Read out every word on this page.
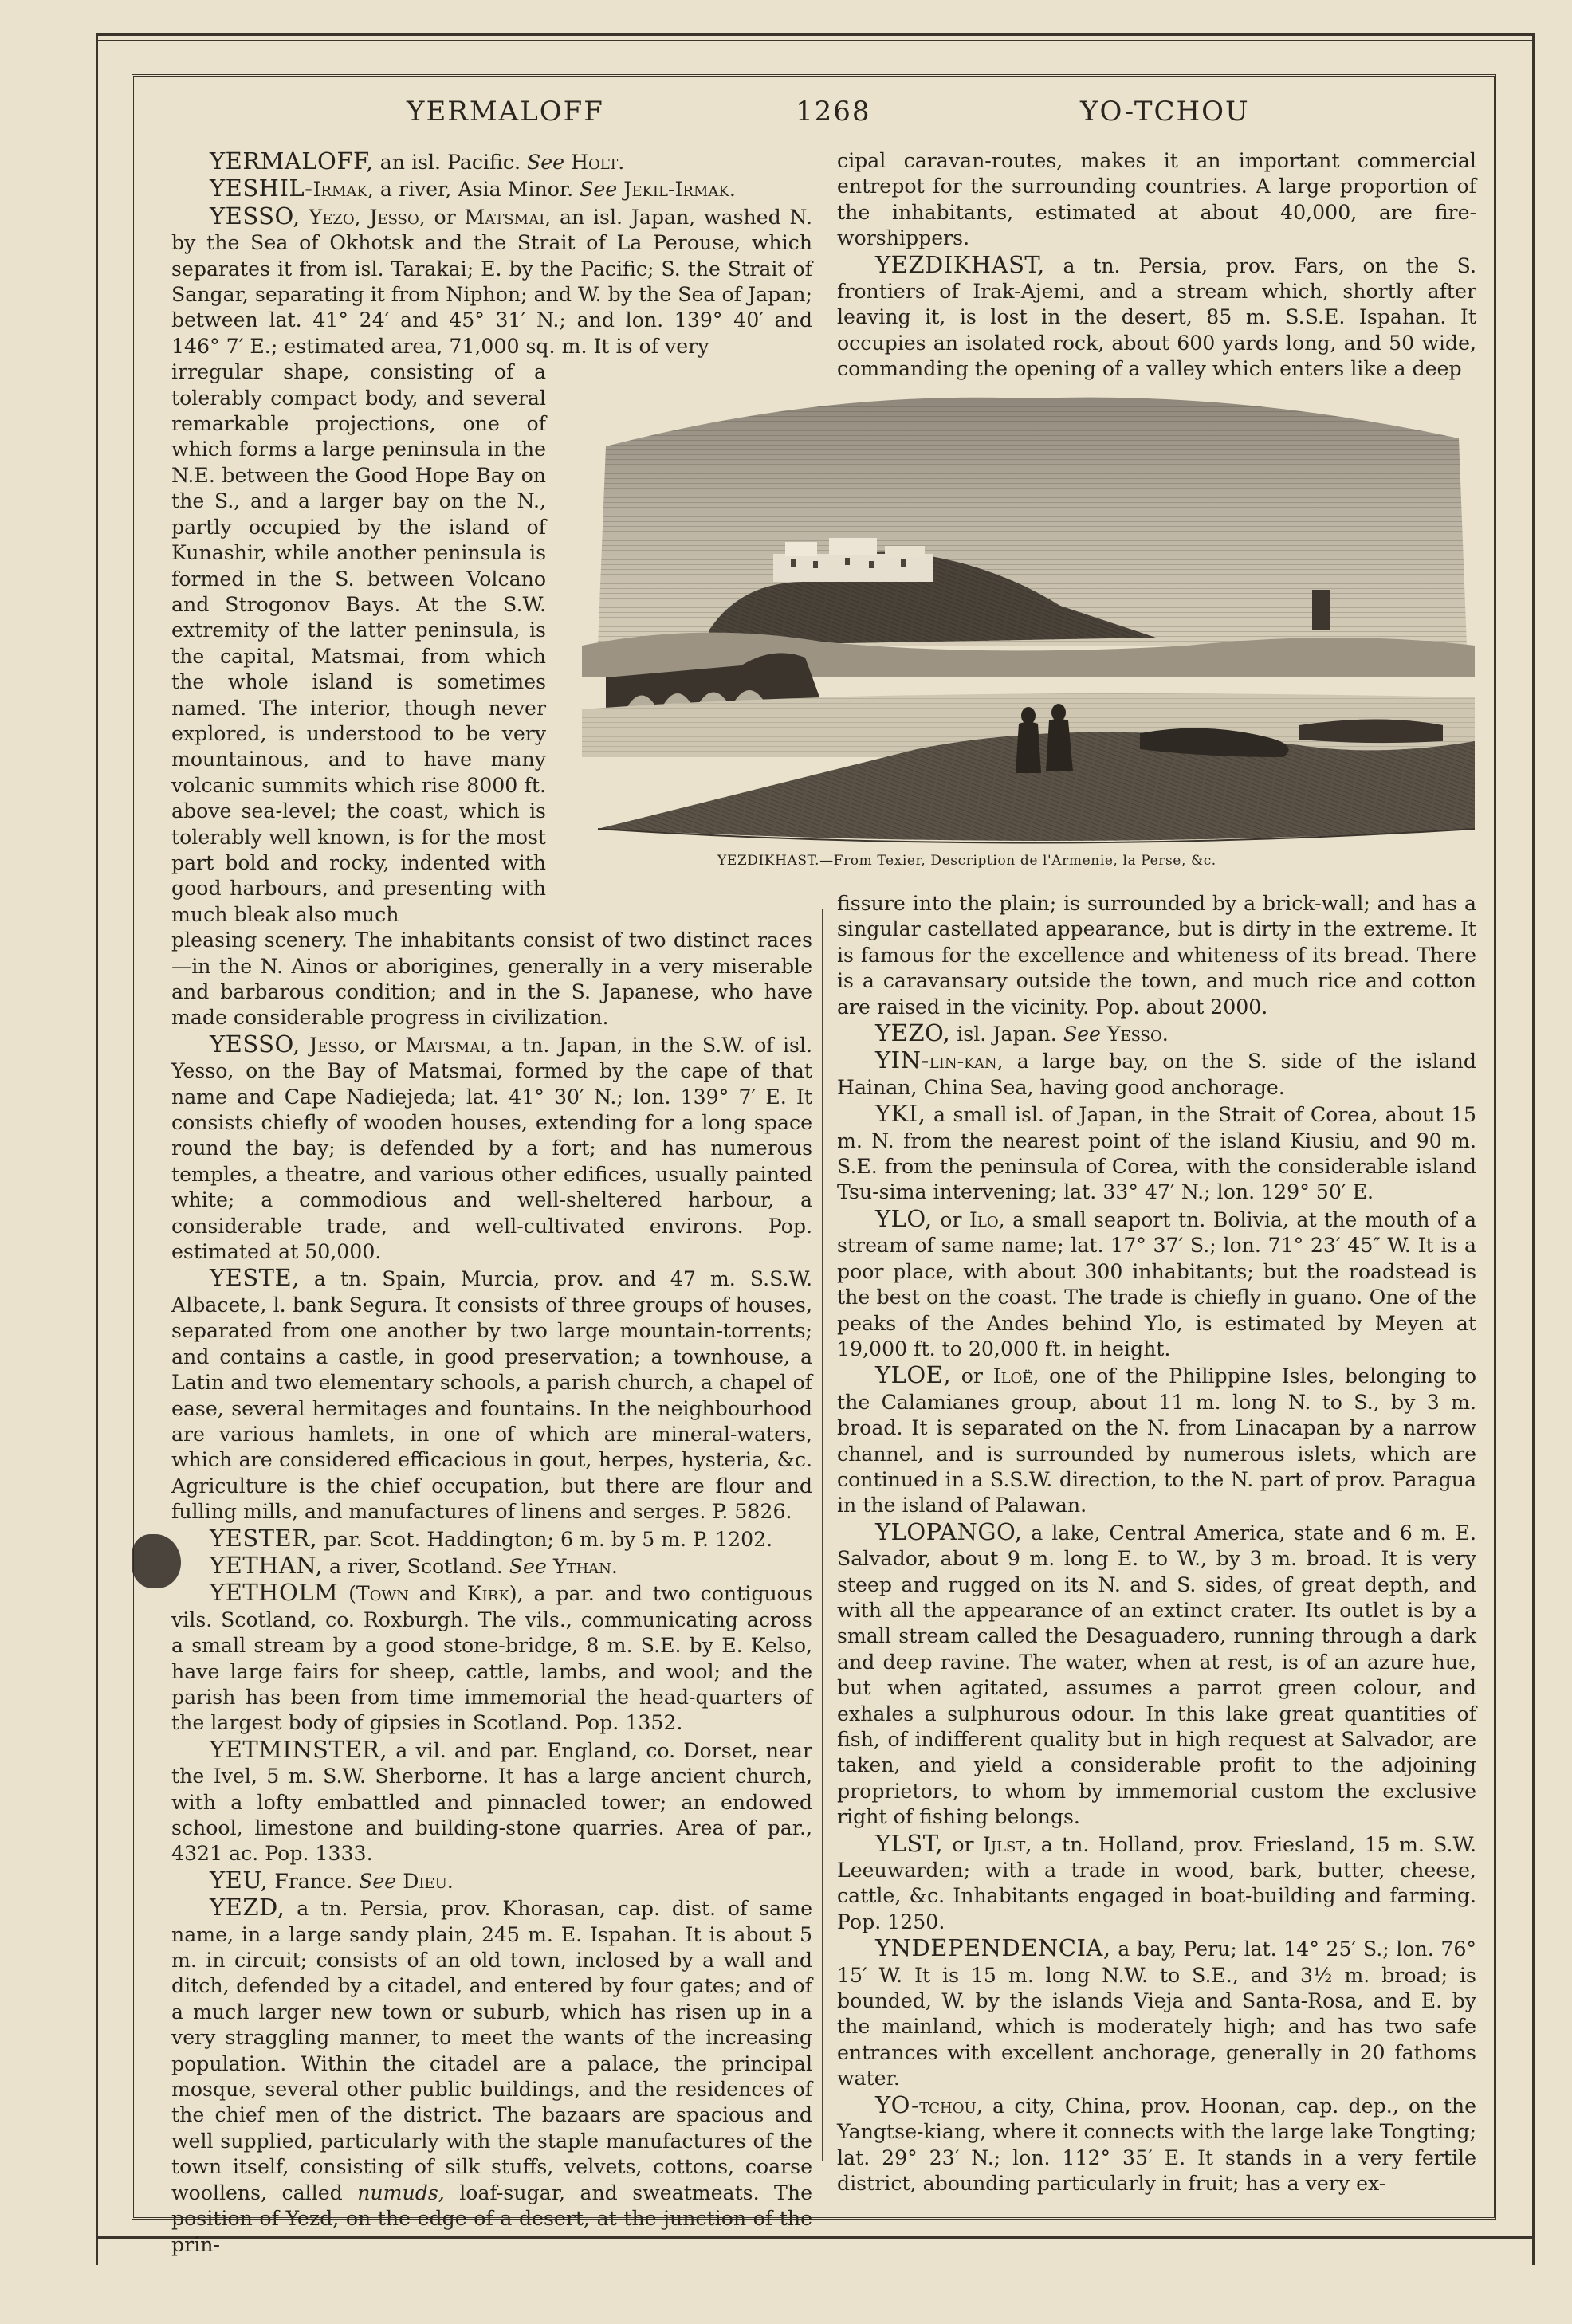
YERMALOFF	1268	YO-TCHOU
YEZDIKHAST.—From Texier, Description de l'Armenie, la Perse, &c.

YERMALOFF, an isl. Pacific. See Holt.

YESHIL-Irmak, a river, Asia Minor. See Jekil-Irmak.

YESSO, Yezo, Jesso, or Matsmai, an isl. Japan, washed N. by the Sea of Okhotsk and the Strait of La Perouse, which separates it from isl. Tarakai; E. by the Pacific; S. the Strait of Sangar, separating it from Niphon; and W. by the Sea of Japan; between lat. 41° 24′ and 45° 31′ N.; and lon. 139° 40′ and 146° 7′ E.; estimated area, 71,000 sq. m. It is of very

irregular shape, consisting of a tolerably compact body, and several remarkable projections, one of which forms a large peninsula in the N.E. between the Good Hope Bay on the S., and a larger bay on the N., partly occupied by the island of Kunashir, while another peninsula is formed in the S. between Volcano and Strogonov Bays. At the S.W. extremity of the latter peninsula, is the capital, Matsmai, from which the whole island is sometimes named. The interior, though never explored, is understood to be very mountainous, and to have many volcanic summits which rise 8000 ft. above sea-level; the coast, which is tolerably well known, is for the most part bold and rocky, indented with good harbours, and presenting with much bleak also much

pleasing scenery. The inhabitants consist of two distinct races—in the N. Ainos or aborigines, generally in a very miserable and barbarous condition; and in the S. Japanese, who have made considerable progress in civilization.

YESSO, Jesso, or Matsmai, a tn. Japan, in the S.W. of isl. Yesso, on the Bay of Matsmai, formed by the cape of that name and Cape Nadiejeda; lat. 41° 30′ N.; lon. 139° 7′ E. It consists chiefly of wooden houses, extending for a long space round the bay; is defended by a fort; and has numerous temples, a theatre, and various other edifices, usually painted white; a commodious and well-sheltered harbour, a considerable trade, and well-cultivated environs. Pop. estimated at 50,000.

YESTE, a tn. Spain, Murcia, prov. and 47 m. S.S.W. Albacete, l. bank Segura. It consists of three groups of houses, separated from one another by two large mountain-torrents; and contains a castle, in good preservation; a townhouse, a Latin and two elementary schools, a parish church, a chapel of ease, several hermitages and fountains. In the neighbourhood are various hamlets, in one of which are mineral-waters, which are considered efficacious in gout, herpes, hysteria, &c. Agriculture is the chief occupation, but there are flour and fulling mills, and manufactures of linens and serges. P. 5826.

YESTER, par. Scot. Haddington; 6 m. by 5 m. P. 1202.

YETHAN, a river, Scotland. See Ythan.

YETHOLM (Town and Kirk), a par. and two contiguous vils. Scotland, co. Roxburgh. The vils., communicating across a small stream by a good stone-bridge, 8 m. S.E. by E. Kelso, have large fairs for sheep, cattle, lambs, and wool; and the parish has been from time immemorial the head-quarters of the largest body of gipsies in Scotland. Pop. 1352.

YETMINSTER, a vil. and par. England, co. Dorset, near the Ivel, 5 m. S.W. Sherborne. It has a large ancient church, with a lofty embattled and pinnacled tower; an endowed school, limestone and building-stone quarries. Area of par., 4321 ac. Pop. 1333.

YEU, France. See Dieu.

YEZD, a tn. Persia, prov. Khorasan, cap. dist. of same name, in a large sandy plain, 245 m. E. Ispahan. It is about 5 m. in circuit; consists of an old town, inclosed by a wall and ditch, defended by a citadel, and entered by four gates; and of a much larger new town or suburb, which has risen up in a very straggling manner, to meet the wants of the increasing population. Within the citadel are a palace, the principal mosque, several other public buildings, and the residences of the chief men of the district. The bazaars are spacious and well supplied, particularly with the staple manufactures of the town itself, consisting of silk stuffs, velvets, cottons, coarse woollens, called numuds, loaf-sugar, and sweatmeats. The position of Yezd, on the edge of a desert, at the junction of the prin-

cipal caravan-routes, makes it an important commercial entrepot for the surrounding countries. A large proportion of the inhabitants, estimated at about 40,000, are fire-worshippers.

YEZDIKHAST, a tn. Persia, prov. Fars, on the S. frontiers of Irak-Ajemi, and a stream which, shortly after leaving it, is lost in the desert, 85 m. S.S.E. Ispahan. It occupies an isolated rock, about 600 yards long, and 50 wide, commanding the opening of a valley which enters like a deep

fissure into the plain; is surrounded by a brick-wall; and has a singular castellated appearance, but is dirty in the extreme. It is famous for the excellence and whiteness of its bread. There is a caravansary outside the town, and much rice and cotton are raised in the vicinity. Pop. about 2000.

YEZO, isl. Japan. See Yesso.

YIN-lin-kan, a large bay, on the S. side of the island Hainan, China Sea, having good anchorage.

YKI, a small isl. of Japan, in the Strait of Corea, about 15 m. N. from the nearest point of the island Kiusiu, and 90 m. S.E. from the peninsula of Corea, with the considerable island Tsu-sima intervening; lat. 33° 47′ N.; lon. 129° 50′ E.

YLO, or Ilo, a small seaport tn. Bolivia, at the mouth of a stream of same name; lat. 17° 37′ S.; lon. 71° 23′ 45″ W. It is a poor place, with about 300 inhabitants; but the roadstead is the best on the coast. The trade is chiefly in guano. One of the peaks of the Andes behind Ylo, is estimated by Meyen at 19,000 ft. to 20,000 ft. in height.

YLOE, or Iloë, one of the Philippine Isles, belonging to the Calamianes group, about 11 m. long N. to S., by 3 m. broad. It is separated on the N. from Linacapan by a narrow channel, and is surrounded by numerous islets, which are continued in a S.S.W. direction, to the N. part of prov. Paragua in the island of Palawan.

YLOPANGO, a lake, Central America, state and 6 m. E. Salvador, about 9 m. long E. to W., by 3 m. broad. It is very steep and rugged on its N. and S. sides, of great depth, and with all the appearance of an extinct crater. Its outlet is by a small stream called the Desaguadero, running through a dark and deep ravine. The water, when at rest, is of an azure hue, but when agitated, assumes a parrot green colour, and exhales a sulphurous odour. In this lake great quantities of fish, of indifferent quality but in high request at Salvador, are taken, and yield a considerable profit to the adjoining proprietors, to whom by immemorial custom the exclusive right of fishing belongs.

YLST, or Ijlst, a tn. Holland, prov. Friesland, 15 m. S.W. Leeuwarden; with a trade in wood, bark, butter, cheese, cattle, &c. Inhabitants engaged in boat-building and farming. Pop. 1250.

YNDEPENDENCIA, a bay, Peru; lat. 14° 25′ S.; lon. 76° 15′ W. It is 15 m. long N.W. to S.E., and 3½ m. broad; is bounded, W. by the islands Vieja and Santa-Rosa, and E. by the mainland, which is moderately high; and has two safe entrances with excellent anchorage, generally in 20 fathoms water.

YO-tchou, a city, China, prov. Hoonan, cap. dep., on the Yangtse-kiang, where it connects with the large lake Tongting; lat. 29° 23′ N.; lon. 112° 35′ E. It stands in a very fertile district, abounding particularly in fruit; has a very ex-
